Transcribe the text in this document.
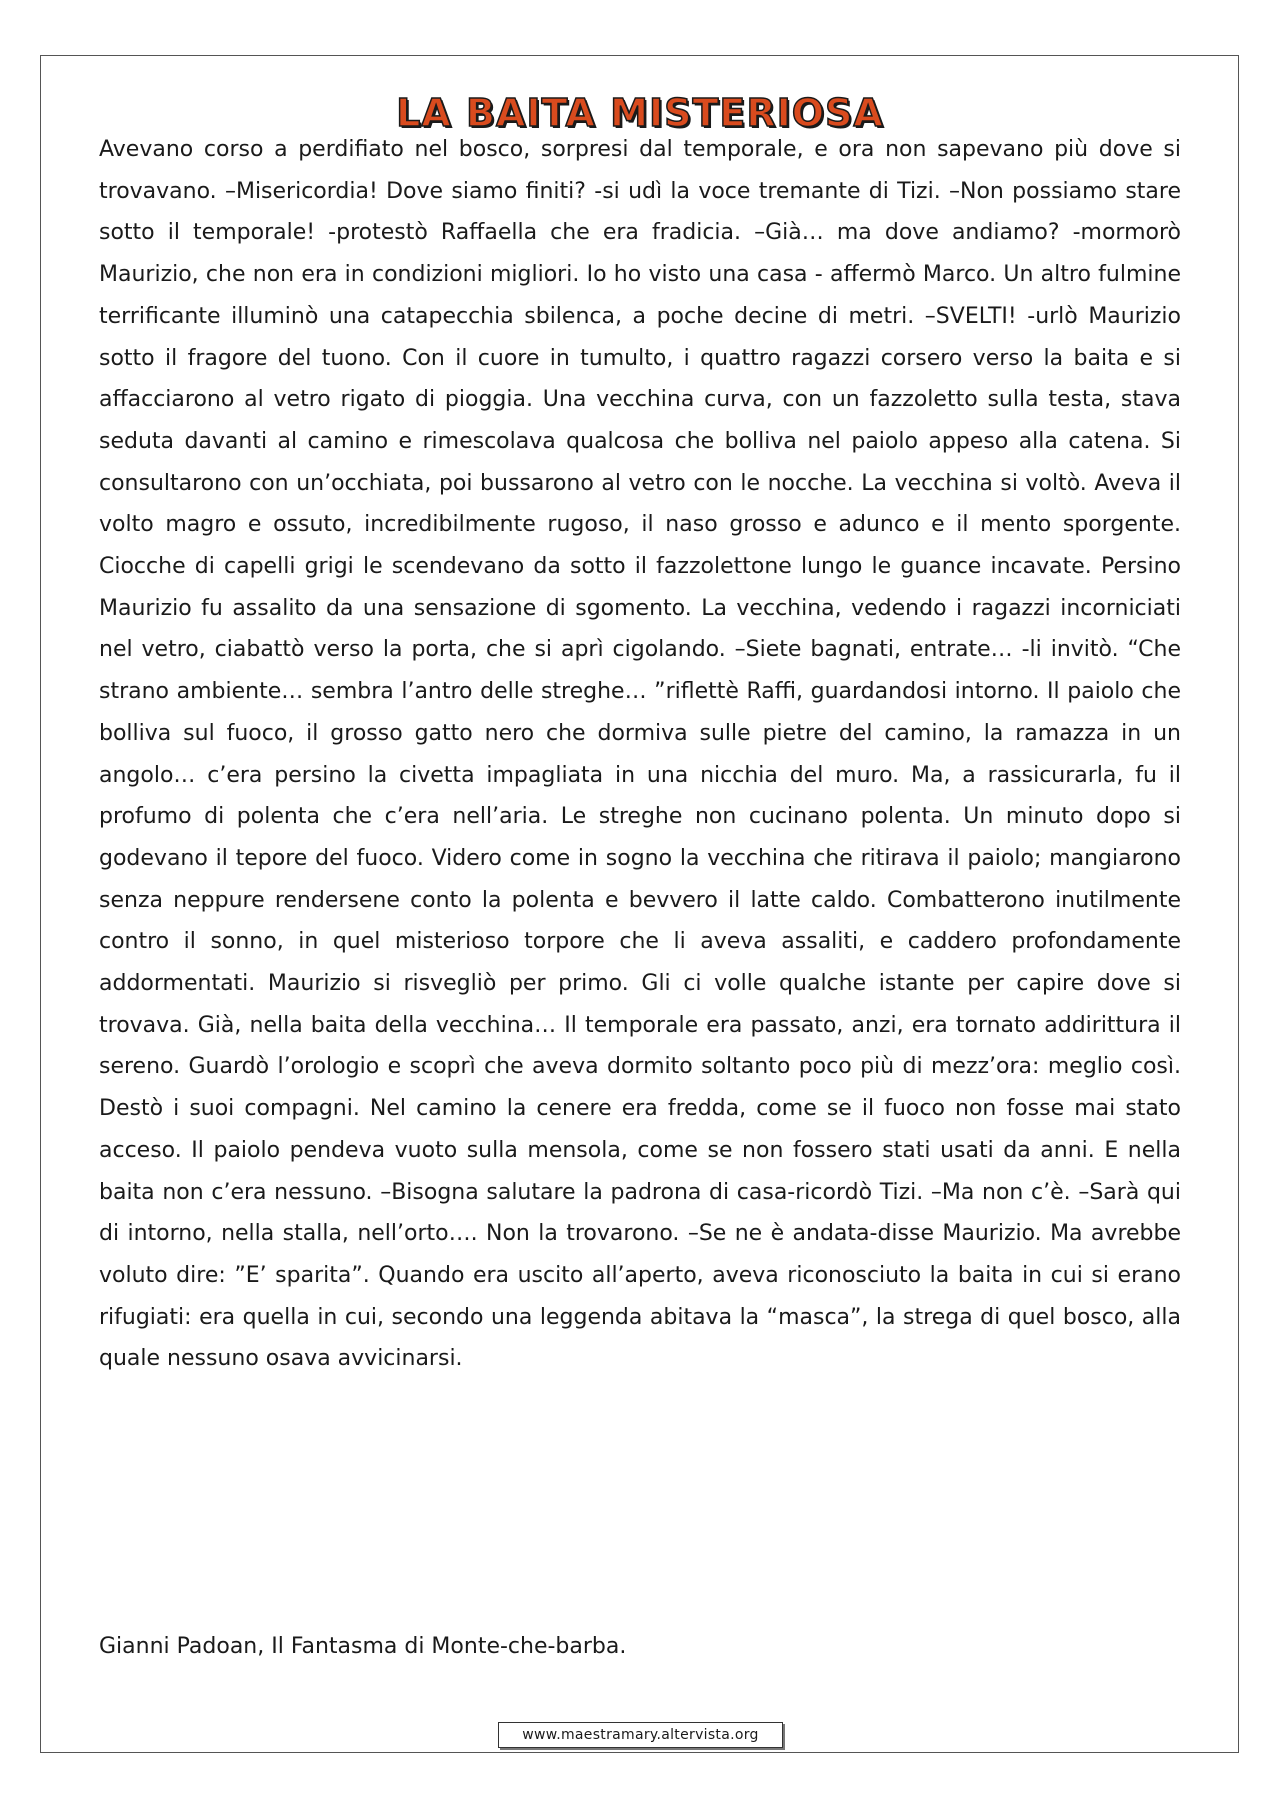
LA BAITA MISTERIOSA

Avevano corso a perdifiato nel bosco, sorpresi dal temporale, e ora non sapevano più dove si trovavano. –Misericordia! Dove siamo finiti? -si udì la voce tremante di Tizi. –Non possiamo stare sotto il temporale! -protestò Raffaella che era fradicia. –Già… ma dove andiamo? -mormorò Maurizio, che non era in condizioni migliori. Io ho visto una casa - affermò Marco. Un altro fulmine terrificante illuminò una catapecchia sbilenca, a poche decine di metri. –SVELTI! -urlò Maurizio sotto il fragore del tuono. Con il cuore in tumulto, i quattro ragazzi corsero verso la baita e si affacciarono al vetro rigato di pioggia. Una vecchina curva, con un fazzoletto sulla testa, stava seduta davanti al camino e rimescolava qualcosa che bolliva nel paiolo appeso alla catena. Si consultarono con un’occhiata, poi bussarono al vetro con le nocche. La vecchina si voltò. Aveva il volto magro e ossuto, incredibilmente rugoso, il naso grosso e adunco e il mento sporgente. Ciocche di capelli grigi le scendevano da sotto il fazzolettone lungo le guance incavate. Persino Maurizio fu assalito da una sensazione di sgomento. La vecchina, vedendo i ragazzi incorniciati nel vetro, ciabattò verso la porta, che si aprì cigolando. –Siete bagnati, entrate… -li invitò. “Che strano ambiente… sembra l’antro delle streghe… ”riflettè Raffi, guardandosi intorno. Il paiolo che bolliva sul fuoco, il grosso gatto nero che dormiva sulle pietre del camino, la ramazza in un angolo… c’era persino la civetta impagliata in una nicchia del muro. Ma, a rassicurarla, fu il profumo di polenta che c’era nell’aria. Le streghe non cucinano polenta. Un minuto dopo si godevano il tepore del fuoco. Videro come in sogno la vecchina che ritirava il paiolo; mangiarono senza neppure rendersene conto la polenta e bevvero il latte caldo. Combatterono inutilmente contro il sonno, in quel misterioso torpore che li aveva assaliti, e caddero profondamente addormentati. Maurizio si risvegliò per primo. Gli ci volle qualche istante per capire dove si trovava. Già, nella baita della vecchina… Il temporale era passato, anzi, era tornato addirittura il sereno. Guardò l’orologio e scoprì che aveva dormito soltanto poco più di mezz’ora: meglio così. Destò i suoi compagni. Nel camino la cenere era fredda, come se il fuoco non fosse mai stato acceso. Il paiolo pendeva vuoto sulla mensola, come se non fossero stati usati da anni. E nella baita non c’era nessuno. –Bisogna salutare la padrona di casa-ricordò Tizi. –Ma non c’è. –Sarà qui di intorno, nella stalla, nell’orto…. Non la trovarono. –Se ne è andata-disse Maurizio. Ma avrebbe voluto dire: ”E’ sparita”. Quando era uscito all’aperto, aveva riconosciuto la baita in cui si erano rifugiati: era quella in cui, secondo una leggenda abitava la “masca”, la strega di quel bosco, alla quale nessuno osava avvicinarsi.

Gianni Padoan, Il Fantasma di Monte-che-barba.

www.maestramary.altervista.org
